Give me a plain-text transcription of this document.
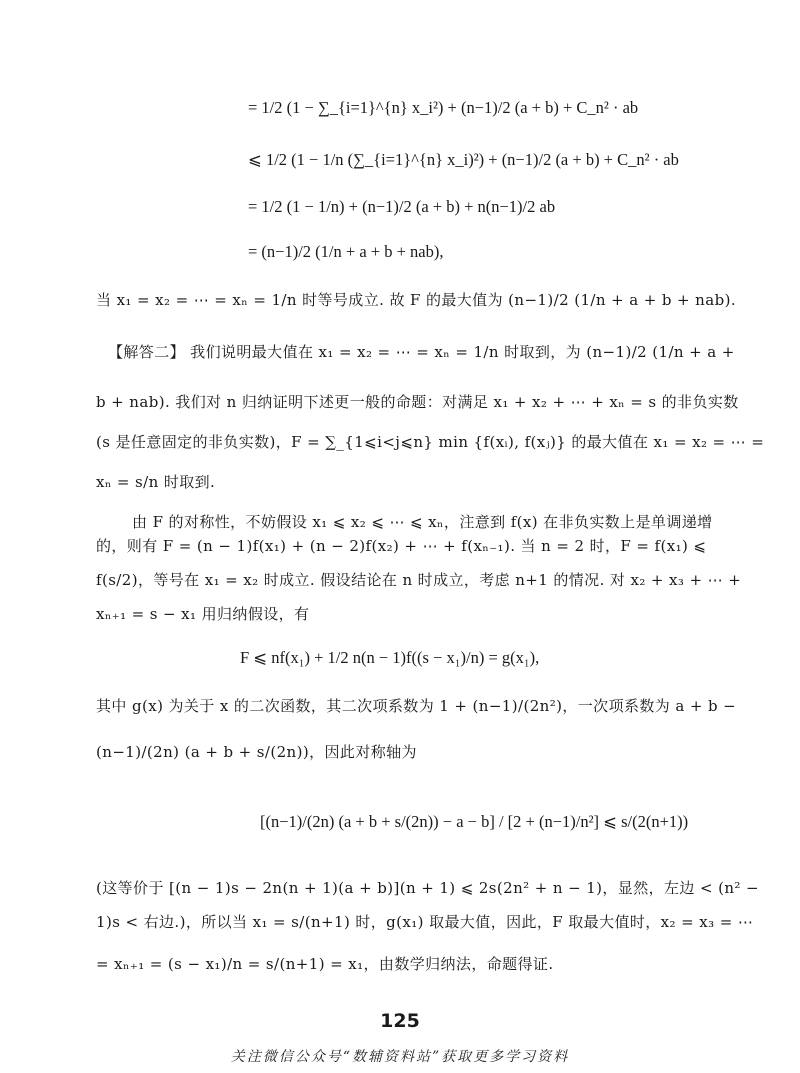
= 1/2 (1 − ∑_{i=1}^{n} x_i²) + (n−1)/2 (a + b) + C_n² · ab
⩽ 1/2 (1 − 1/n (∑_{i=1}^{n} x_i)²) + (n−1)/2 (a + b) + C_n² · ab
= 1/2 (1 − 1/n) + (n−1)/2 (a + b) + n(n−1)/2 ab
= (n−1)/2 (1/n + a + b + nab),
当 x₁ = x₂ = ⋯ = xₙ = 1/n 时等号成立. 故 F 的最大值为 (n−1)/2 (1/n + a + b + nab).
【解答二】 我们说明最大值在 x₁ = x₂ = ⋯ = xₙ = 1/n 时取到，为 (n−1)/2 (1/n + a +
b + nab). 我们对 n 归纳证明下述更一般的命题：对满足 x₁ + x₂ + ⋯ + xₙ = s 的非负实数
(s 是任意固定的非负实数)，F = ∑_{1⩽i<j⩽n} min {f(xᵢ), f(xⱼ)} 的最大值在 x₁ = x₂ = ⋯ =
xₙ = s/n 时取到.
由 F 的对称性，不妨假设 x₁ ⩽ x₂ ⩽ ⋯ ⩽ xₙ，注意到 f(x) 在非负实数上是单调递增
的，则有 F = (n − 1)f(x₁) + (n − 2)f(x₂) + ⋯ + f(xₙ₋₁). 当 n = 2 时，F = f(x₁) ⩽
f(s/2)，等号在 x₁ = x₂ 时成立. 假设结论在 n 时成立，考虑 n+1 的情况. 对 x₂ + x₃ + ⋯ +
xₙ₊₁ = s − x₁ 用归纳假设，有
F ⩽ nf(x₁) + 1/2 n(n − 1)f((s − x₁)/n) = g(x₁),
其中 g(x) 为关于 x 的二次函数，其二次项系数为 1 + (n−1)/(2n²)，一次项系数为 a + b −
(n−1)/(2n) (a + b + s/(2n))，因此对称轴为
[(n−1)/(2n) (a + b + s/(2n)) − a − b] / [2 + (n−1)/n²] ⩽ s/(2(n+1))
(这等价于 [(n − 1)s − 2n(n + 1)(a + b)](n + 1) ⩽ 2s(2n² + n − 1)，显然，左边 < (n² −
1)s < 右边.)，所以当 x₁ = s/(n+1) 时，g(x₁) 取最大值，因此，F 取最大值时，x₂ = x₃ = ⋯
= xₙ₊₁ = (s − x₁)/n = s/(n+1) = x₁，由数学归纳法，命题得证.
125
关注微信公众号“数辅资料站”获取更多学习资料
